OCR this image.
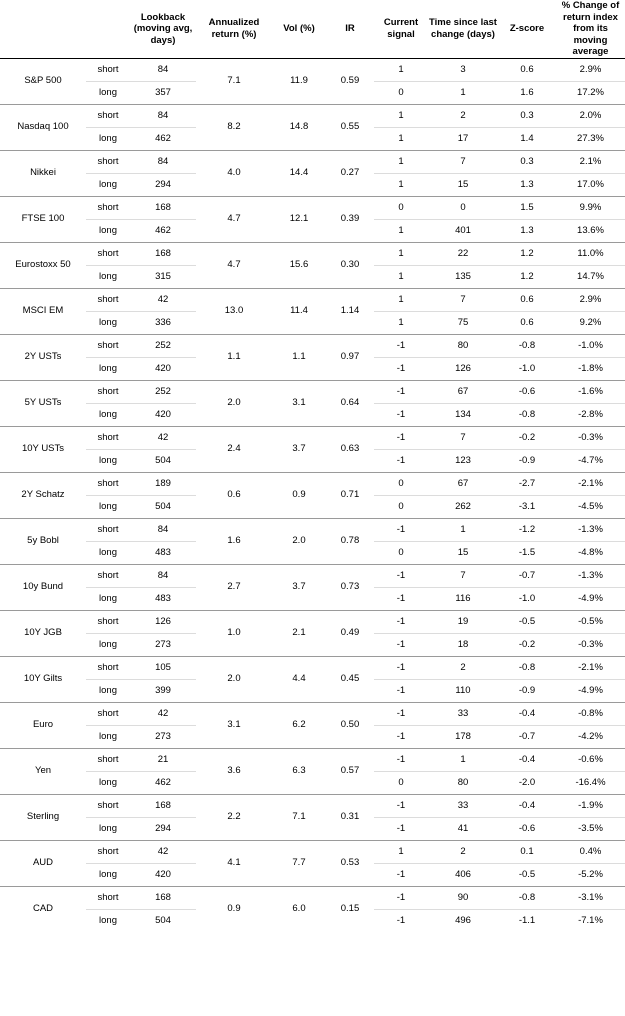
		Lookback (moving avg, days)	Annualized return (%)	Vol (%)	IR	Current signal	Time since last change (days)	Z-score	% Change of return index from its moving average
S&P 500	short	84	7.1	11.9	0.59	1	3	0.6	2.9%
	long	357				0	1	1.6	17.2%
Nasdaq 100	short	84	8.2	14.8	0.55	1	2	0.3	2.0%
	long	462				1	17	1.4	27.3%
Nikkei	short	84	4.0	14.4	0.27	1	7	0.3	2.1%
	long	294				1	15	1.3	17.0%
FTSE 100	short	168	4.7	12.1	0.39	0	0	1.5	9.9%
	long	462				1	401	1.3	13.6%
Eurostoxx 50	short	168	4.7	15.6	0.30	1	22	1.2	11.0%
	long	315				1	135	1.2	14.7%
MSCI EM	short	42	13.0	11.4	1.14	1	7	0.6	2.9%
	long	336				1	75	0.6	9.2%
2Y USTs	short	252	1.1	1.1	0.97	-1	80	-0.8	-1.0%
	long	420				-1	126	-1.0	-1.8%
5Y USTs	short	252	2.0	3.1	0.64	-1	67	-0.6	-1.6%
	long	420				-1	134	-0.8	-2.8%
10Y USTs	short	42	2.4	3.7	0.63	-1	7	-0.2	-0.3%
	long	504				-1	123	-0.9	-4.7%
2Y Schatz	short	189	0.6	0.9	0.71	0	67	-2.7	-2.1%
	long	504				0	262	-3.1	-4.5%
5y Bobl	short	84	1.6	2.0	0.78	-1	1	-1.2	-1.3%
	long	483				0	15	-1.5	-4.8%
10y Bund	short	84	2.7	3.7	0.73	-1	7	-0.7	-1.3%
	long	483				-1	116	-1.0	-4.9%
10Y JGB	short	126	1.0	2.1	0.49	-1	19	-0.5	-0.5%
	long	273				-1	18	-0.2	-0.3%
10Y Gilts	short	105	2.0	4.4	0.45	-1	2	-0.8	-2.1%
	long	399				-1	110	-0.9	-4.9%
Euro	short	42	3.1	6.2	0.50	-1	33	-0.4	-0.8%
	long	273				-1	178	-0.7	-4.2%
Yen	short	21	3.6	6.3	0.57	-1	1	-0.4	-0.6%
	long	462				0	80	-2.0	-16.4%
Sterling	short	168	2.2	7.1	0.31	-1	33	-0.4	-1.9%
	long	294				-1	41	-0.6	-3.5%
AUD	short	42	4.1	7.7	0.53	1	2	0.1	0.4%
	long	420				-1	406	-0.5	-5.2%
CAD	short	168	0.9	6.0	0.15	-1	90	-0.8	-3.1%
	long	504				-1	496	-1.1	-7.1%
